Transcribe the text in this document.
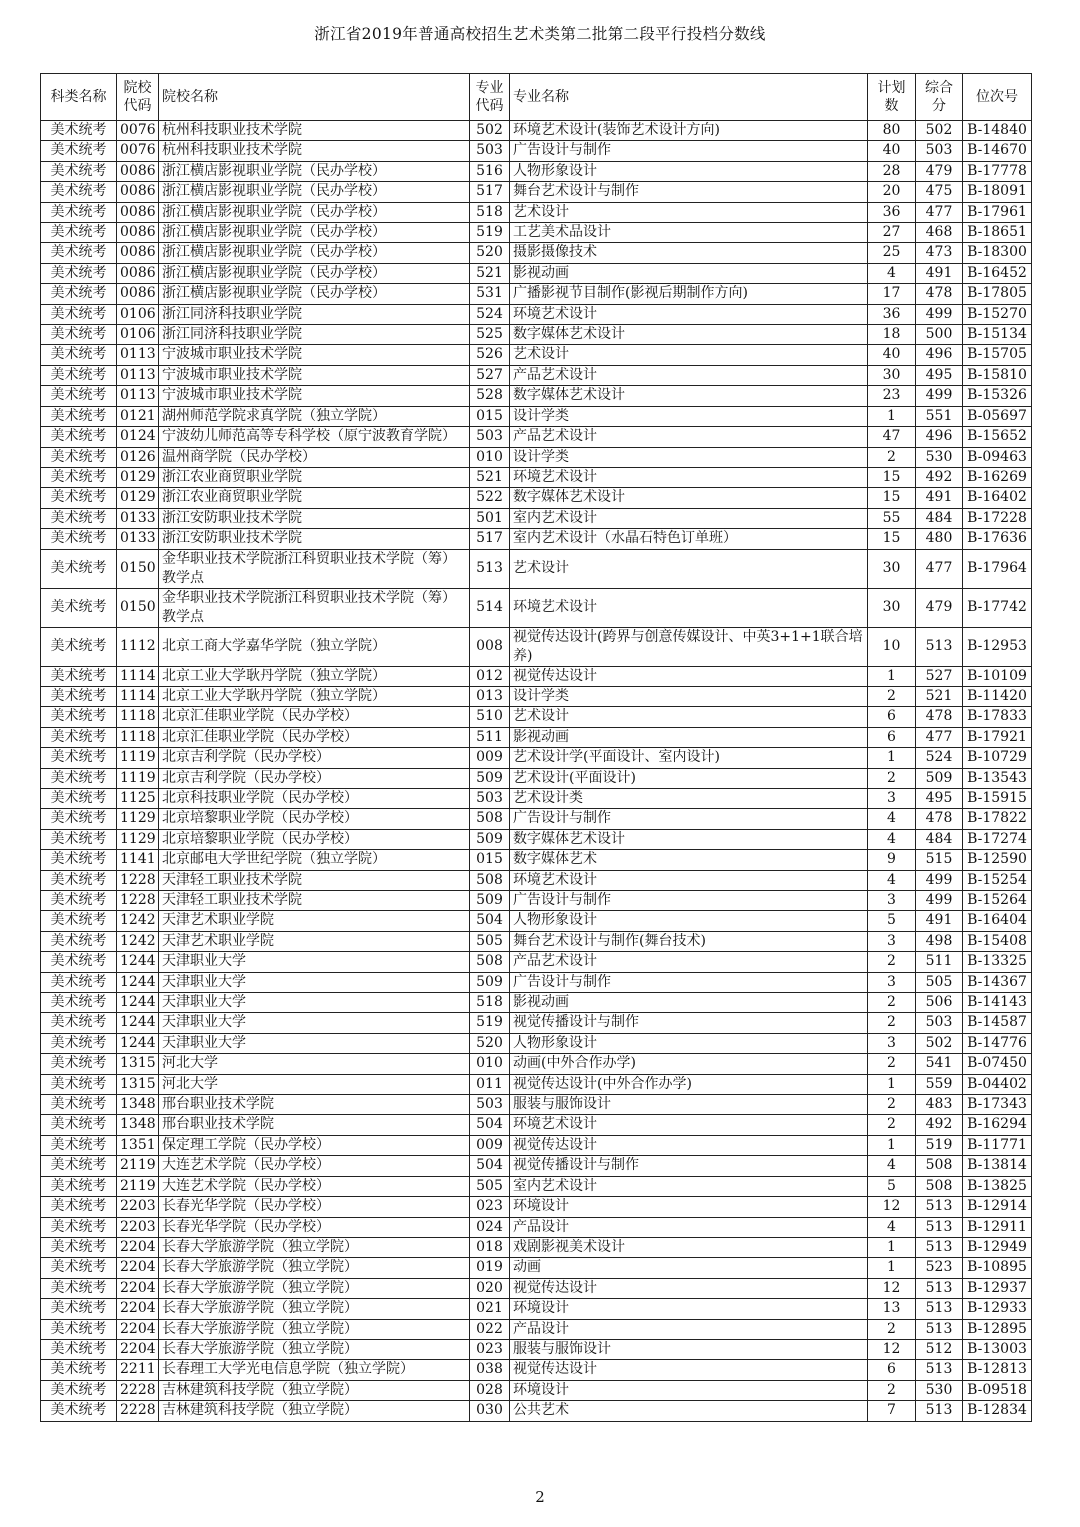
浙江省2019年普通高校招生艺术类第二批第二段平行投档分数线
科类名称	院校代码	院校名称	专业代码	专业名称	计划数	综合分	位次号
美术统考	0076	杭州科技职业技术学院	502	环境艺术设计(装饰艺术设计方向)	80	502	B-14840
美术统考	0076	杭州科技职业技术学院	503	广告设计与制作	40	503	B-14670
美术统考	0086	浙江横店影视职业学院（民办学校）	516	人物形象设计	28	479	B-17778
美术统考	0086	浙江横店影视职业学院（民办学校）	517	舞台艺术设计与制作	20	475	B-18091
美术统考	0086	浙江横店影视职业学院（民办学校）	518	艺术设计	36	477	B-17961
美术统考	0086	浙江横店影视职业学院（民办学校）	519	工艺美术品设计	27	468	B-18651
美术统考	0086	浙江横店影视职业学院（民办学校）	520	摄影摄像技术	25	473	B-18300
美术统考	0086	浙江横店影视职业学院（民办学校）	521	影视动画	4	491	B-16452
美术统考	0086	浙江横店影视职业学院（民办学校）	531	广播影视节目制作(影视后期制作方向)	17	478	B-17805
美术统考	0106	浙江同济科技职业学院	524	环境艺术设计	36	499	B-15270
美术统考	0106	浙江同济科技职业学院	525	数字媒体艺术设计	18	500	B-15134
美术统考	0113	宁波城市职业技术学院	526	艺术设计	40	496	B-15705
美术统考	0113	宁波城市职业技术学院	527	产品艺术设计	30	495	B-15810
美术统考	0113	宁波城市职业技术学院	528	数字媒体艺术设计	23	499	B-15326
美术统考	0121	湖州师范学院求真学院（独立学院）	015	设计学类	1	551	B-05697
美术统考	0124	宁波幼儿师范高等专科学校（原宁波教育学院）	503	产品艺术设计	47	496	B-15652
美术统考	0126	温州商学院（民办学校）	010	设计学类	2	530	B-09463
美术统考	0129	浙江农业商贸职业学院	521	环境艺术设计	15	492	B-16269
美术统考	0129	浙江农业商贸职业学院	522	数字媒体艺术设计	15	491	B-16402
美术统考	0133	浙江安防职业技术学院	501	室内艺术设计	55	484	B-17228
美术统考	0133	浙江安防职业技术学院	517	室内艺术设计（水晶石特色订单班）	15	480	B-17636
美术统考	0150	金华职业技术学院浙江科贸职业技术学院（筹）教学点	513	艺术设计	30	477	B-17964
美术统考	0150	金华职业技术学院浙江科贸职业技术学院（筹）教学点	514	环境艺术设计	30	479	B-17742
美术统考	1112	北京工商大学嘉华学院（独立学院）	008	视觉传达设计(跨界与创意传媒设计、中英3+1+1联合培养)	10	513	B-12953
美术统考	1114	北京工业大学耿丹学院（独立学院）	012	视觉传达设计	1	527	B-10109
美术统考	1114	北京工业大学耿丹学院（独立学院）	013	设计学类	2	521	B-11420
美术统考	1118	北京汇佳职业学院（民办学校）	510	艺术设计	6	478	B-17833
美术统考	1118	北京汇佳职业学院（民办学校）	511	影视动画	6	477	B-17921
美术统考	1119	北京吉利学院（民办学校）	009	艺术设计学(平面设计、室内设计)	1	524	B-10729
美术统考	1119	北京吉利学院（民办学校）	509	艺术设计(平面设计)	2	509	B-13543
美术统考	1125	北京科技职业学院（民办学校）	503	艺术设计类	3	495	B-15915
美术统考	1129	北京培黎职业学院（民办学校）	508	广告设计与制作	4	478	B-17822
美术统考	1129	北京培黎职业学院（民办学校）	509	数字媒体艺术设计	4	484	B-17274
美术统考	1141	北京邮电大学世纪学院（独立学院）	015	数字媒体艺术	9	515	B-12590
美术统考	1228	天津轻工职业技术学院	508	环境艺术设计	4	499	B-15254
美术统考	1228	天津轻工职业技术学院	509	广告设计与制作	3	499	B-15264
美术统考	1242	天津艺术职业学院	504	人物形象设计	5	491	B-16404
美术统考	1242	天津艺术职业学院	505	舞台艺术设计与制作(舞台技术)	3	498	B-15408
美术统考	1244	天津职业大学	508	产品艺术设计	2	511	B-13325
美术统考	1244	天津职业大学	509	广告设计与制作	3	505	B-14367
美术统考	1244	天津职业大学	518	影视动画	2	506	B-14143
美术统考	1244	天津职业大学	519	视觉传播设计与制作	2	503	B-14587
美术统考	1244	天津职业大学	520	人物形象设计	3	502	B-14776
美术统考	1315	河北大学	010	动画(中外合作办学)	2	541	B-07450
美术统考	1315	河北大学	011	视觉传达设计(中外合作办学)	1	559	B-04402
美术统考	1348	邢台职业技术学院	503	服装与服饰设计	2	483	B-17343
美术统考	1348	邢台职业技术学院	504	环境艺术设计	2	492	B-16294
美术统考	1351	保定理工学院（民办学校）	009	视觉传达设计	1	519	B-11771
美术统考	2119	大连艺术学院（民办学校）	504	视觉传播设计与制作	4	508	B-13814
美术统考	2119	大连艺术学院（民办学校）	505	室内艺术设计	5	508	B-13825
美术统考	2203	长春光华学院（民办学校）	023	环境设计	12	513	B-12914
美术统考	2203	长春光华学院（民办学校）	024	产品设计	4	513	B-12911
美术统考	2204	长春大学旅游学院（独立学院）	018	戏剧影视美术设计	1	513	B-12949
美术统考	2204	长春大学旅游学院（独立学院）	019	动画	1	523	B-10895
美术统考	2204	长春大学旅游学院（独立学院）	020	视觉传达设计	12	513	B-12937
美术统考	2204	长春大学旅游学院（独立学院）	021	环境设计	13	513	B-12933
美术统考	2204	长春大学旅游学院（独立学院）	022	产品设计	2	513	B-12895
美术统考	2204	长春大学旅游学院（独立学院）	023	服装与服饰设计	12	512	B-13003
美术统考	2211	长春理工大学光电信息学院（独立学院）	038	视觉传达设计	6	513	B-12813
美术统考	2228	吉林建筑科技学院（独立学院）	028	环境设计	2	530	B-09518
美术统考	2228	吉林建筑科技学院（独立学院）	030	公共艺术	7	513	B-12834
2
